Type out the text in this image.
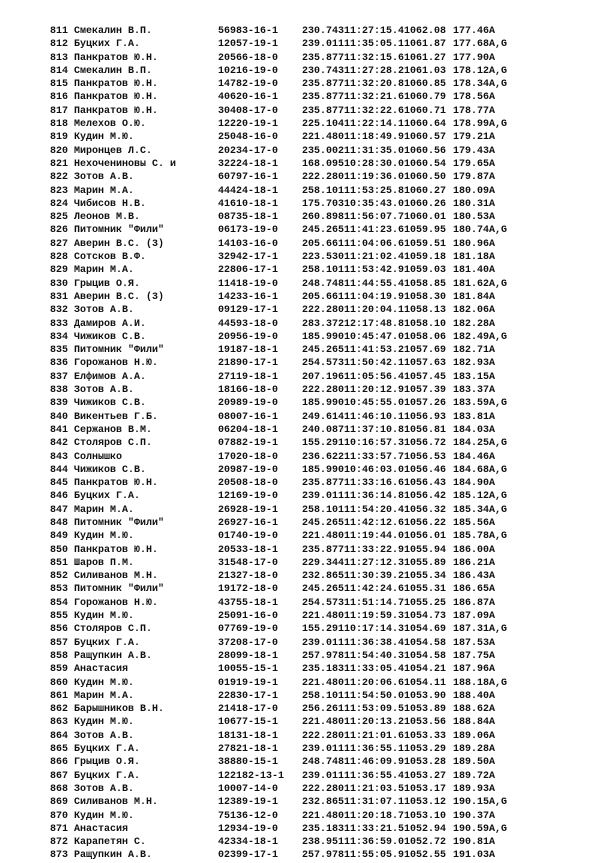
811 Смекалин В.П.	56983-16-1	230.743 11:27:15.4 1062.08 177.46 A
812 Буцких Г.А.	12057-19-1	239.011 11:35:05.1 1061.87 177.68 A,G
813 Панкратов Ю.Н.	20566-18-0	235.877 11:32:15.6 1061.27 177.90 A
814 Смекалин В.П.	10216-19-0	230.743 11:27:28.2 1061.03 178.12 A,G
815 Панкратов Ю.Н.	14782-19-0	235.877 11:32:20.8 1060.85 178.34 A,G
816 Панкратов Ю.Н.	40620-16-1	235.877 11:32:21.6 1060.79 178.56 A
817 Панкратов Ю.Н.	30408-17-0	235.877 11:32:22.6 1060.71 178.77 A
818 Мелехов О.Ю.	12220-19-1	225.104 11:22:14.1 1060.64 178.99 A,G
819 Кудин М.Ю.	25048-16-0	221.480 11:18:49.9 1060.57 179.21 A
820 Миронцев Л.С.	20234-17-0	235.002 11:31:35.0 1060.56 179.43 A
821 Нехочениновы С. и	32224-18-1	168.095 10:28:30.0 1060.54 179.65 A
822 Зотов А.В.	60797-16-1	222.280 11:19:36.0 1060.50 179.87 A
823 Марин М.А.	44424-18-1	258.101 11:53:25.8 1060.27 180.09 A
824 Чибисов Н.В.	41610-18-1	175.703 10:35:43.0 1060.26 180.31 A
825 Леонов М.В.	08735-18-1	260.898 11:56:07.7 1060.01 180.53 A
826 Питомник "Фили"	06173-19-0	245.265 11:41:23.6 1059.95 180.74 A,G
827 Аверин В.С. (3)	14103-16-0	205.661 11:04:06.6 1059.51 180.96 A
828 Сотсков В.Ф.	32942-17-1	223.530 11:21:02.4 1059.18 181.18 A
829 Марин М.А.	22806-17-1	258.101 11:53:42.9 1059.03 181.40 A
830 Грыцив О.Я.	11418-19-0	248.748 11:44:55.4 1058.85 181.62 A,G
831 Аверин В.С. (3)	14233-16-1	205.661 11:04:19.9 1058.30 181.84 A
832 Зотов А.В.	09129-17-1	222.280 11:20:04.1 1058.13 182.06 A
833 Дамиров А.И.	44593-18-0	283.372 12:17:48.8 1058.10 182.28 A
834 Чижиков С.В.	20956-19-0	185.990 10:45:47.0 1058.06 182.49 A,G
835 Питомник "Фили"	19187-18-1	245.265 11:41:53.2 1057.69 182.71 A
836 Горожанов Н.Ю.	21890-17-1	254.573 11:50:42.1 1057.63 182.93 A
837 Елфимов А.А.	27119-18-1	207.196 11:05:56.4 1057.45 183.15 A
838 Зотов А.В.	18166-18-0	222.280 11:20:12.9 1057.39 183.37 A
839 Чижиков С.В.	20989-19-0	185.990 10:45:55.0 1057.26 183.59 A,G
840 Викентьев Г.Б.	08007-16-1	249.614 11:46:10.1 1056.93 183.81 A
841 Сержанов В.М.	06204-18-1	240.087 11:37:10.8 1056.81 184.03 A
842 Столяров С.П.	07882-19-1	155.291 10:16:57.3 1056.72 184.25 A,G
843 Солнышко	17020-18-0	236.622 11:33:57.7 1056.53 184.46 A
844 Чижиков С.В.	20987-19-0	185.990 10:46:03.0 1056.46 184.68 A,G
845 Панкратов Ю.Н.	20508-18-0	235.877 11:33:16.6 1056.43 184.90 A
846 Буцких Г.А.	12169-19-0	239.011 11:36:14.8 1056.42 185.12 A,G
847 Марин М.А.	26928-19-1	258.101 11:54:20.4 1056.32 185.34 A,G
848 Питомник "Фили"	26927-16-1	245.265 11:42:12.6 1056.22 185.56 A
849 Кудин М.Ю.	01740-19-0	221.480 11:19:44.0 1056.01 185.78 A,G
850 Панкратов Ю.Н.	20533-18-1	235.877 11:33:22.9 1055.94 186.00 A
851 Шаров П.М.	31548-17-0	229.344 11:27:12.3 1055.89 186.21 A
852 Силиванов М.Н.	21327-18-0	232.865 11:30:39.2 1055.34 186.43 A
853 Питомник "Фили"	19172-18-0	245.265 11:42:24.6 1055.31 186.65 A
854 Горожанов Н.Ю.	43755-18-1	254.573 11:51:14.7 1055.25 186.87 A
855 Кудин М.Ю.	25091-16-0	221.480 11:19:59.3 1054.73 187.09 A
856 Столяров С.П.	07769-19-0	155.291 10:17:14.3 1054.69 187.31 A,G
857 Буцких Г.А.	37208-17-0	239.011 11:36:38.4 1054.58 187.53 A
858 Ращупкин А.В.	28099-18-1	257.978 11:54:40.3 1054.58 187.75 A
859 Анастасия	10055-15-1	235.183 11:33:05.4 1054.21 187.96 A
860 Кудин М.Ю.	01919-19-1	221.480 11:20:06.6 1054.11 188.18 A,G
861 Марин М.А.	22830-17-1	258.101 11:54:50.0 1053.90 188.40 A
862 Барышников В.Н.	21418-17-0	256.261 11:53:09.5 1053.89 188.62 A
863 Кудин М.Ю.	10677-15-1	221.480 11:20:13.2 1053.56 188.84 A
864 Зотов А.В.	18131-18-1	222.280 11:21:01.6 1053.33 189.06 A
865 Буцких Г.А.	27821-18-1	239.011 11:36:55.1 1053.29 189.28 A
866 Грыцив О.Я.	38880-15-1	248.748 11:46:09.9 1053.28 189.50 A
867 Буцких Г.А.	122182-13-1	239.011 11:36:55.4 1053.27 189.72 A
868 Зотов А.В.	10007-14-0	222.280 11:21:03.5 1053.17 189.93 A
869 Силиванов М.Н.	12389-19-1	232.865 11:31:07.1 1053.12 190.15 A,G
870 Кудин М.Ю.	75136-12-0	221.480 11:20:18.7 1053.10 190.37 A
871 Анастасия	12934-19-0	235.183 11:33:21.5 1052.94 190.59 A,G
872 Карапетян С.	42334-18-1	238.951 11:36:59.0 1052.72 190.81 A
873 Ращупкин А.В.	02399-17-1	257.978 11:55:05.9 1052.55 191.03 A
